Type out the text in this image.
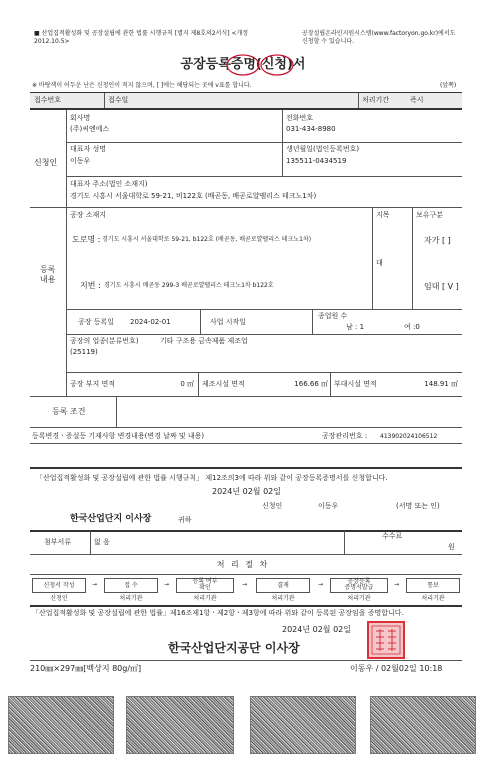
■ 산업집적활성화 및 공장설립에 관한 법률 시행규칙 [별지 제8호의2서식] <개정 2012.10.5>
공장설립온라인지원시스템(www.factoryon.go.kr)에서도 신청할 수 있습니다.
공장등록증명(신청)서
※ 바탕색이 어두운 난은 신청인이 적지 않으며, [ ]에는 해당되는 곳에 v표를 합니다.	(앞쪽)
접수번호	접수일	처리기간	즉시
신청인
회사명
(주)씨엔에스
전화번호
031-434-8980
대표자 성명
이동우
생년월일(법인등록번호)
135511-0434519
대표자 주소(법인 소재지)
경기도 시흥시 서울대학로 59-21, 비122호 (배곧동, 배곧로얄팰리스 테크노1차)
등록
내용
공장 소재지
도로명 : 경기도 시흥시 서울대학로 59-21, b122호 (배곧동, 배곧로얄팰리스 테크노1차)
지번 : 경기도 시흥시 배곧동 299-3 배곧로얄팰리스 테크노1차 b122호
지목
대
보유구분
자가 [ ]
임대 [ V ]
공장 등록일 2024-02-01	사업 시작일
종업원 수
남 : 1	여 :0
공장의 업종(분류번호)	기타 구조용 금속제품 제조업
(25119)
공장 부지 면적	0 ㎡ 제조시설 면적	166.66 ㎡ 부대시설 면적	148.91 ㎡
등록 조건
등록변경ㆍ증설등 기재사항 변경내용(변경 날짜 및 내용)	공장관리번호 : 413902024106512
「산업집적활성화 및 공장설립에 관한 법률 시행규칙」 제12조의3에 따라 위와 같이 공장등록증명서를 신청합니다.
2024년 02월 02일
신청인	이동우	(서명 또는 인)
한국산업단지 이사장	귀하
첨부서류	없 음
수수료
원
처 리 절 차
신청서 작성	→	접 수	→	등록 여부
확인	→	결재	→	공장등록
증명서발급	→	통보
신청인	처리기관	처리기관	처리기관	처리기관	처리기관
「산업집적활성화 및 공장설립에 관한 법률」제16조제1항ㆍ제2항ㆍ제3항에 따라 위와 같이 등록된 공장임을 증명합니다.
2024년 02월 02일
한국산업단지공단 이사장
210㎜×297㎜[백상지 80g/㎡]	이동우 / 02월02일 10:18
